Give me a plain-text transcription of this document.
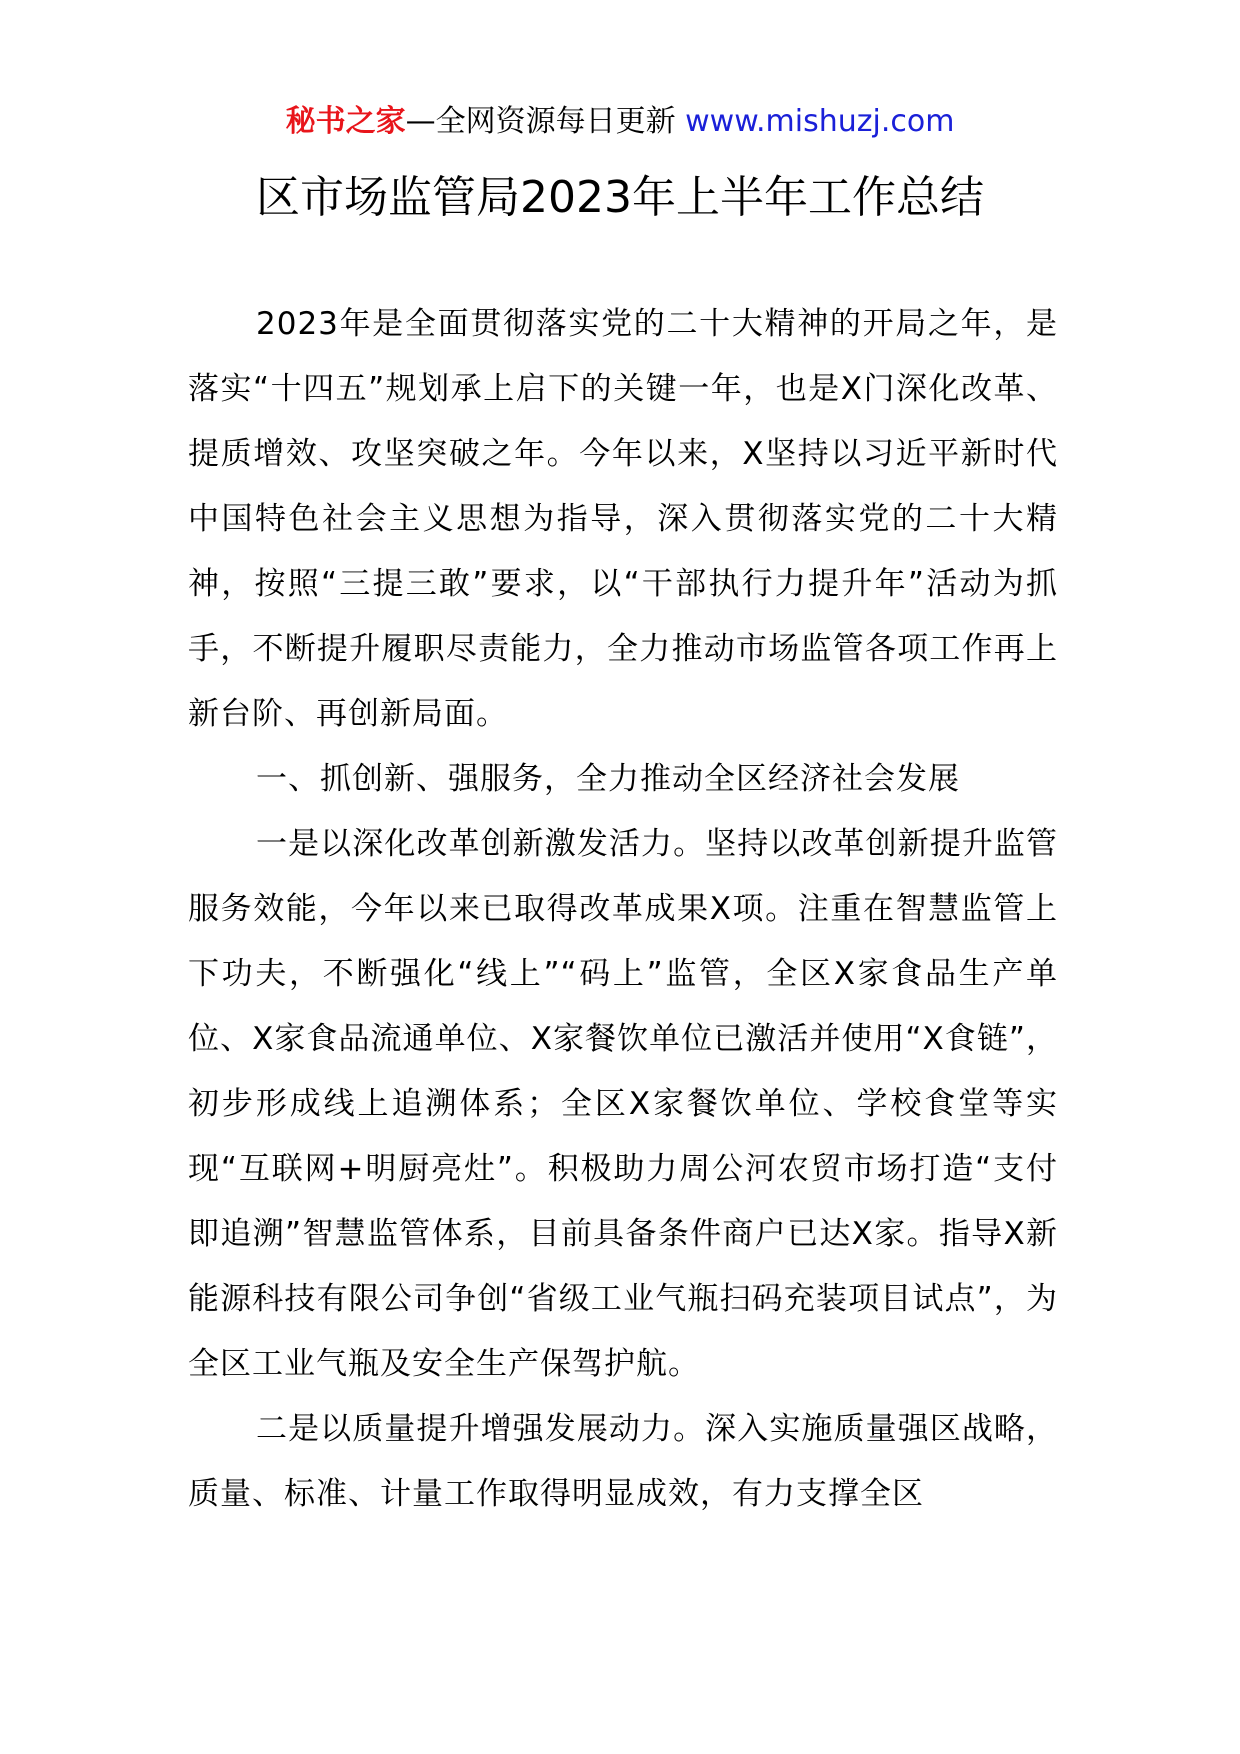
秘书之家—全网资源每日更新 www.mishuzj.com
区市场监管局2023年上半年工作总结

2023年是全面贯彻落实党的二十大精神的开局之年，是落实“十四五”规划承上启下的关键一年，也是X门深化改革、提质增效、攻坚突破之年。今年以来，X坚持以习近平新时代中国特色社会主义思想为指导，深入贯彻落实党的二十大精神，按照“三提三敢”要求，以“干部执行力提升年”活动为抓手，不断提升履职尽责能力，全力推动市场监管各项工作再上新台阶、再创新局面。

一、抓创新、强服务，全力推动全区经济社会发展

一是以深化改革创新激发活力。坚持以改革创新提升监管服务效能，今年以来已取得改革成果X项。注重在智慧监管上下功夫，不断强化“线上”“码上”监管，全区X家食品生产单位、X家食品流通单位、X家餐饮单位已激活并使用“X食链”，初步形成线上追溯体系；全区X家餐饮单位、学校食堂等实现“互联网+明厨亮灶”。积极助力周公河农贸市场打造“支付即追溯”智慧监管体系，目前具备条件商户已达X家。指导X新能源科技有限公司争创“省级工业气瓶扫码充装项目试点”，为全区工业气瓶及安全生产保驾护航。

二是以质量提升增强发展动力。深入实施质量强区战略，质量、标准、计量工作取得明显成效，有力支撑全区
